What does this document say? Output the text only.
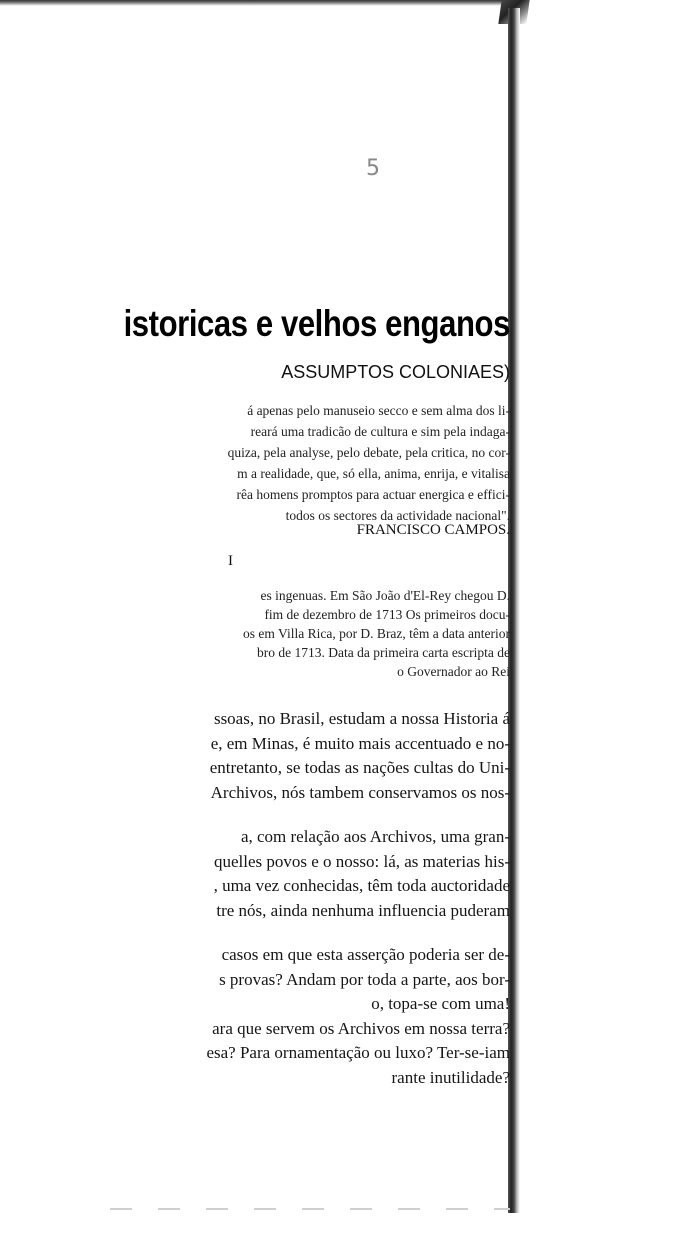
5
istoricas e velhos enganos
ASSUMPTOS COLONIAES)
á apenas pelo manuseio secco e sem alma dos li-
reará uma tradicão de cultura e sim pela indaga-
quiza, pela analyse, pelo debate, pela critica, no cor-
m a realidade, que, só ella, anima, enrija, e vitalisa
rêa homens promptos para actuar energica e effici-
todos os sectores da actividade nacional".
FRANCISCO CAMPOS.
I
es ingenuas. Em São João d'El-Rey chegou D.
fim de dezembro de 1713 Os primeiros docu-
os em Villa Rica, por D. Braz, têm a data anterior
bro de 1713. Data da primeira carta escripta de
o Governador ao Rei
ssoas, no Brasil, estudam a nossa Historia á
e, em Minas, é muito mais accentuado e no-
entretanto, se todas as nações cultas do Uni-
Archivos, nós tambem conservamos os nos-
a, com relação aos Archivos, uma gran-
quelles povos e o nosso: lá, as materias his-
, uma vez conhecidas, têm toda auctoridade
tre nós, ainda nenhuma influencia puderam
casos em que esta asserção poderia ser de-
s provas? Andam por toda a parte, aos bor-
o, topa-se com uma!
ara que servem os Archivos em nossa terra?
esa? Para ornamentação ou luxo? Ter-se-iam
rante inutilidade?
